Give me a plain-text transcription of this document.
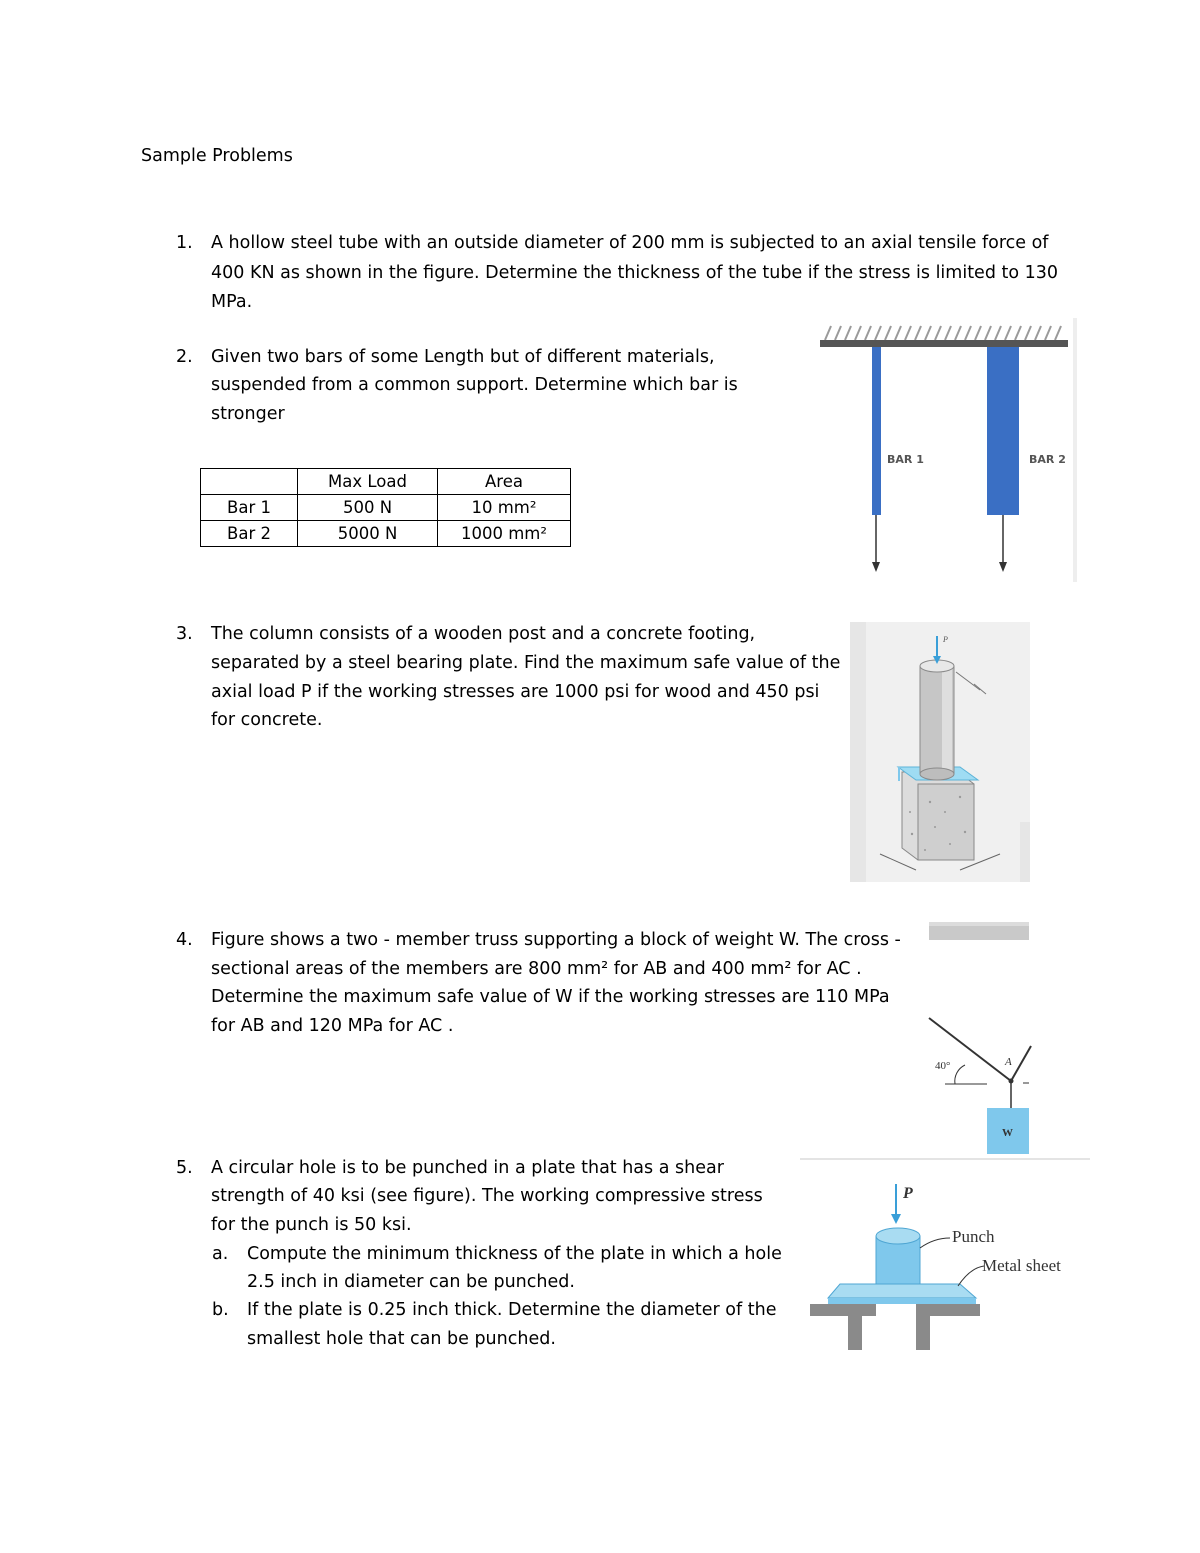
Sample Problems
1. A hollow steel tube with an outside diameter of 200 mm is subjected to an axial tensile force of
400 KN as shown in the figure. Determine the thickness of the tube if the stress is limited to 130
MPa.
2. Given two bars of some Length but of different materials,
suspended from a common support. Determine which bar is
stronger
	Max Load	Area
Bar 1	500 N	10 mm²
Bar 2	5000 N	1000 mm²
BAR 1	BAR 2
3. The column consists of a wooden post and a concrete footing,
separated by a steel bearing plate. Find the maximum safe value of the
axial load P if the working stresses are 1000 psi for wood and 450 psi
for concrete.
P
4. Figure shows a two - member truss supporting a block of weight W. The cross -
sectional areas of the members are 800 mm² for AB and 400 mm² for AC .
Determine the maximum safe value of W if the working stresses are 110 MPa
for AB and 120 MPa for AC .
40°	A
W
5. A circular hole is to be punched in a plate that has a shear
strength of 40 ksi (see figure). The working compressive stress
for the punch is 50 ksi.
a. Compute the minimum thickness of the plate in which a hole
2.5 inch in diameter can be punched.
b. If the plate is 0.25 inch thick. Determine the diameter of the
smallest hole that can be punched.
P
Punch
Metal sheet
